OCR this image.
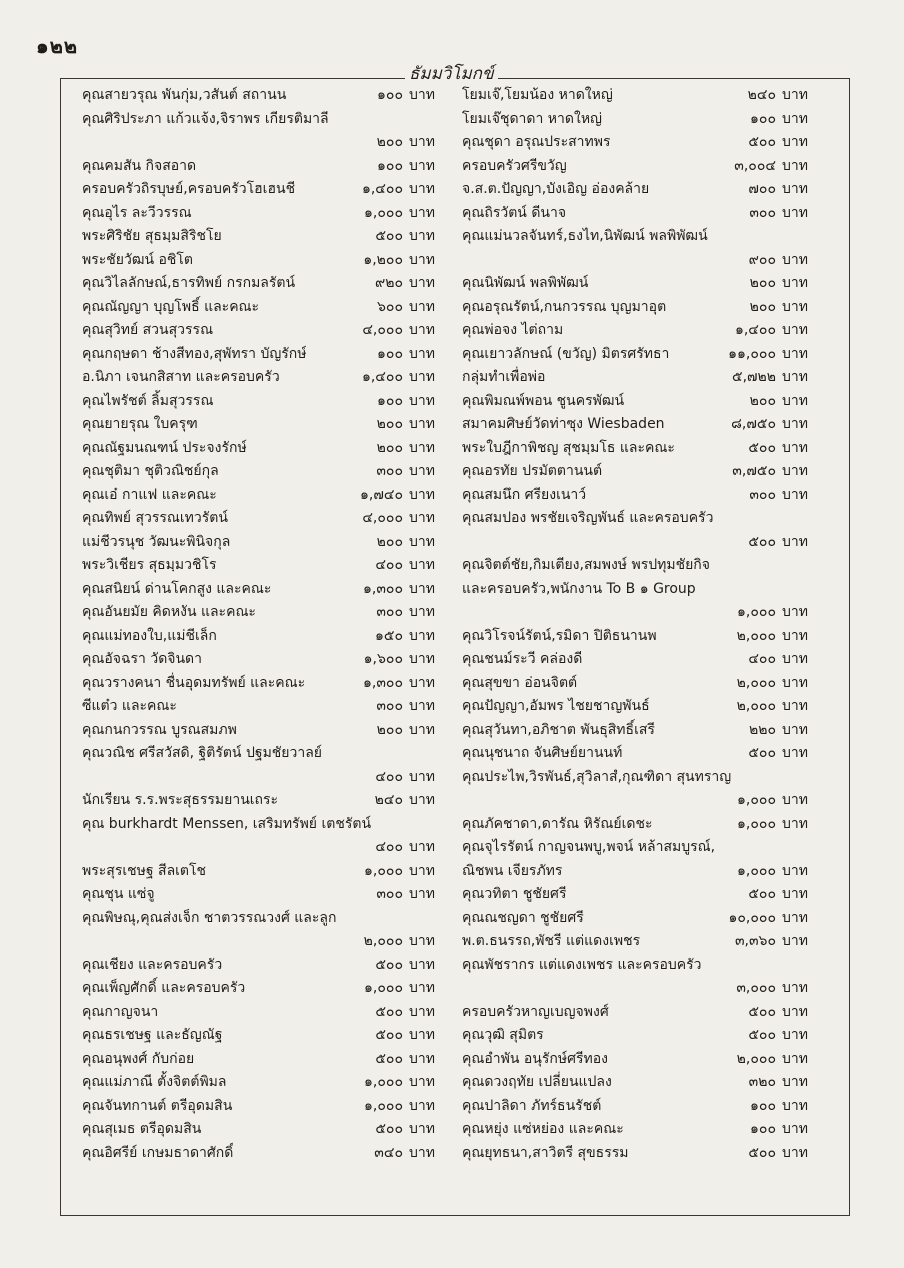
๑๒๒
ธัมมวิโมกข์
คุณสายวรุณ พันกุ่ม,วสันต์ สถานน	๑๐๐ บาท
คุณศิริประภา แก้วแจ้ง,จิราพร เกียรติมาลี
๒๐๐ บาท
คุณคมสัน กิจสอาด	๑๐๐ บาท
ครอบครัวถิรบุษย์,ครอบครัวโฮเฮนชี	๑,๔๐๐ บาท
คุณอุไร ละวีวรรณ	๑,๐๐๐ บาท
พระศิริชัย สุธมฺมสิริชโย	๕๐๐ บาท
พระชัยวัฒน์ อชิโต	๑,๒๐๐ บาท
คุณวิไลลักษณ์,ธารทิพย์ กรกมลรัตน์	๙๒๐ บาท
คุณณัญญา บุญโพธิ์ และคณะ	๖๐๐ บาท
คุณสุวิทย์ สวนสุวรรณ	๔,๐๐๐ บาท
คุณกฤษดา ช้างสีทอง,สุพัทรา บัญรักษ์	๑๐๐ บาท
อ.นิภา เจนกสิสาท และครอบครัว	๑,๔๐๐ บาท
คุณไพรัชต์ ลิ้มสุวรรณ	๑๐๐ บาท
คุณยายรุณ ใบครุฑ	๒๐๐ บาท
คุณณัฐมนณฑน์ ประจงรักษ์	๒๐๐ บาท
คุณชุติมา ชุติวณิชย์กุล	๓๐๐ บาท
คุณเอ๋ กาแฟ และคณะ	๑,๗๔๐ บาท
คุณทิพย์ สุวรรณเทวรัตน์	๔,๐๐๐ บาท
แม่ชีวรนุช วัฒนะพินิจกุล	๒๐๐ บาท
พระวิเชียร สุธมฺมวชิโร	๔๐๐ บาท
คุณสนิยน์ ด่านโคกสูง และคณะ	๑,๓๐๐ บาท
คุณอันยมัย คิดหงัน และคณะ	๓๐๐ บาท
คุณแม่ทองใบ,แม่ชีเล็ก	๑๕๐ บาท
คุณอัจฉรา วัดจินดา	๑,๖๐๐ บาท
คุณวรางคนา ชื่นอุดมทรัพย์ และคณะ	๑,๓๐๐ บาท
ซีแต๋ว และคณะ	๓๐๐ บาท
คุณกนกวรรณ บูรณสมภพ	๒๐๐ บาท
คุณวณิช ศรีสวัสดิ, ฐิติรัตน์ ปฐมชัยวาลย์
๔๐๐ บาท
นักเรียน ร.ร.พระสุธรรมยานเถระ	๒๔๐ บาท
คุณ burkhardt Menssen, เสริมทรัพย์ เตชรัตน์
๔๐๐ บาท
พระสุรเชษฐ สีลเตโช	๑,๐๐๐ บาท
คุณชุน แซ่จู	๓๐๐ บาท
คุณพิษณุ,คุณส่งเจ็ก ชาตวรรณวงศ์ และลูก
๒,๐๐๐ บาท
คุณเชียง และครอบครัว	๕๐๐ บาท
คุณเพ็ญศักดิ์ และครอบครัว	๑,๐๐๐ บาท
คุณกาญจนา	๕๐๐ บาท
คุณธรเชษฐ และธัญณัฐ	๕๐๐ บาท
คุณอนุพงศ์ กับก่อย	๕๐๐ บาท
คุณแม่ภาณี ตั้งจิตต์พิมล	๑,๐๐๐ บาท
คุณจันทกานต์ ตรีอุดมสิน	๑,๐๐๐ บาท
คุณสุเมธ ตรีอุดมสิน	๕๐๐ บาท
คุณอิศรีย์ เกษมธาดาศักดิ์	๓๔๐ บาท
โยมเจ๊,โยมน้อง หาดใหญ่	๒๔๐ บาท
โยมเจ๊ชุดาดา หาดใหญ่	๑๐๐ บาท
คุณชุดา อรุณประสาทพร	๕๐๐ บาท
ครอบครัวศรีขวัญ	๓,๐๐๔ บาท
จ.ส.ต.ปัญญา,บังเอิญ อ่องคล้าย	๗๐๐ บาท
คุณถิรวัตน์ ดีนาจ	๓๐๐ บาท
คุณแม่นวลจันทร์,ธงไท,นิพัฒน์ พลพิพัฒน์
๙๐๐ บาท
คุณนิพัฒน์ พลพิพัฒน์	๒๐๐ บาท
คุณอรุณรัตน์,กนกวรรณ บุญมาอุต	๒๐๐ บาท
คุณพ่อจง ไต่ถาม	๑,๔๐๐ บาท
คุณเยาวลักษณ์ (ขวัญ) มิตรศรัทธา	๑๑,๐๐๐ บาท
กลุ่มทำเพื่อพ่อ	๕,๗๒๒ บาท
คุณพิมณพ์พอน ชูนครพัฒน์	๒๐๐ บาท
สมาคมศิษย์วัดท่าซุง Wiesbaden	๘,๗๕๐ บาท
พระใบฎีกาพิชญ สุชมฺมโธ และคณะ	๕๐๐ บาท
คุณอรทัย ปรมัตตานนต์	๓,๗๕๐ บาท
คุณสมนึก ศรียงเนาว์	๓๐๐ บาท
คุณสมปอง พรชัยเจริญพันธ์ และครอบครัว
๕๐๐ บาท
คุณจิตต์ชัย,กิมเตียง,สมพงษ์ พรปทุมชัยกิจ
และครอบครัว,พนักงาน To B ๑ Group
๑,๐๐๐ บาท
คุณวิโรจน์รัตน์,รมิดา ปิติธนานพ	๒,๐๐๐ บาท
คุณชนม์ระวี คล่องดี	๔๐๐ บาท
คุณสุขขา อ่อนจิตต์	๒,๐๐๐ บาท
คุณปัญญา,อัมพร ไชยชาญพันธ์	๒,๐๐๐ บาท
คุณสุวันทา,อภิชาต พันธุสิทธิ์เสรี	๒๒๐ บาท
คุณนุชนาถ จันศิษย์ยานนท์	๕๐๐ บาท
คุณประไพ,วิรพันธ์,สุวิลาสํ,กุณฑิดา สุนทราญ
๑,๐๐๐ บาท
คุณภัคชาดา,ดารัณ หิรัณย์เดชะ	๑,๐๐๐ บาท
คุณจุไรรัตน์ กาญจนพบู,พจน์ หล้าสมบูรณ์,
ณิชพน เจียรภัทร	๑,๐๐๐ บาท
คุณวทิตา ชูชัยศรี	๕๐๐ บาท
คุณณชญดา ชูชัยศรี	๑๐,๐๐๐ บาท
พ.ต.ธนรรถ,พัชรี แต่แดงเพชร	๓,๓๖๐ บาท
คุณพัชรากร แต่แดงเพชร และครอบครัว
๓,๐๐๐ บาท
ครอบครัวหาญเบญจพงศ์	๕๐๐ บาท
คุณวุฒิ สุมิตร	๕๐๐ บาท
คุณอำพัน อนุรักษ์ศรีทอง	๒,๐๐๐ บาท
คุณดวงฤทัย เปลี่ยนแปลง	๓๒๐ บาท
คุณปาลิดา ภัทร์ธนรัชต์	๑๐๐ บาท
คุณหยุ่ง แซ่หย่อง และคณะ	๑๐๐ บาท
คุณยุทธนา,สาวิตรี สุขธรรม	๕๐๐ บาท
